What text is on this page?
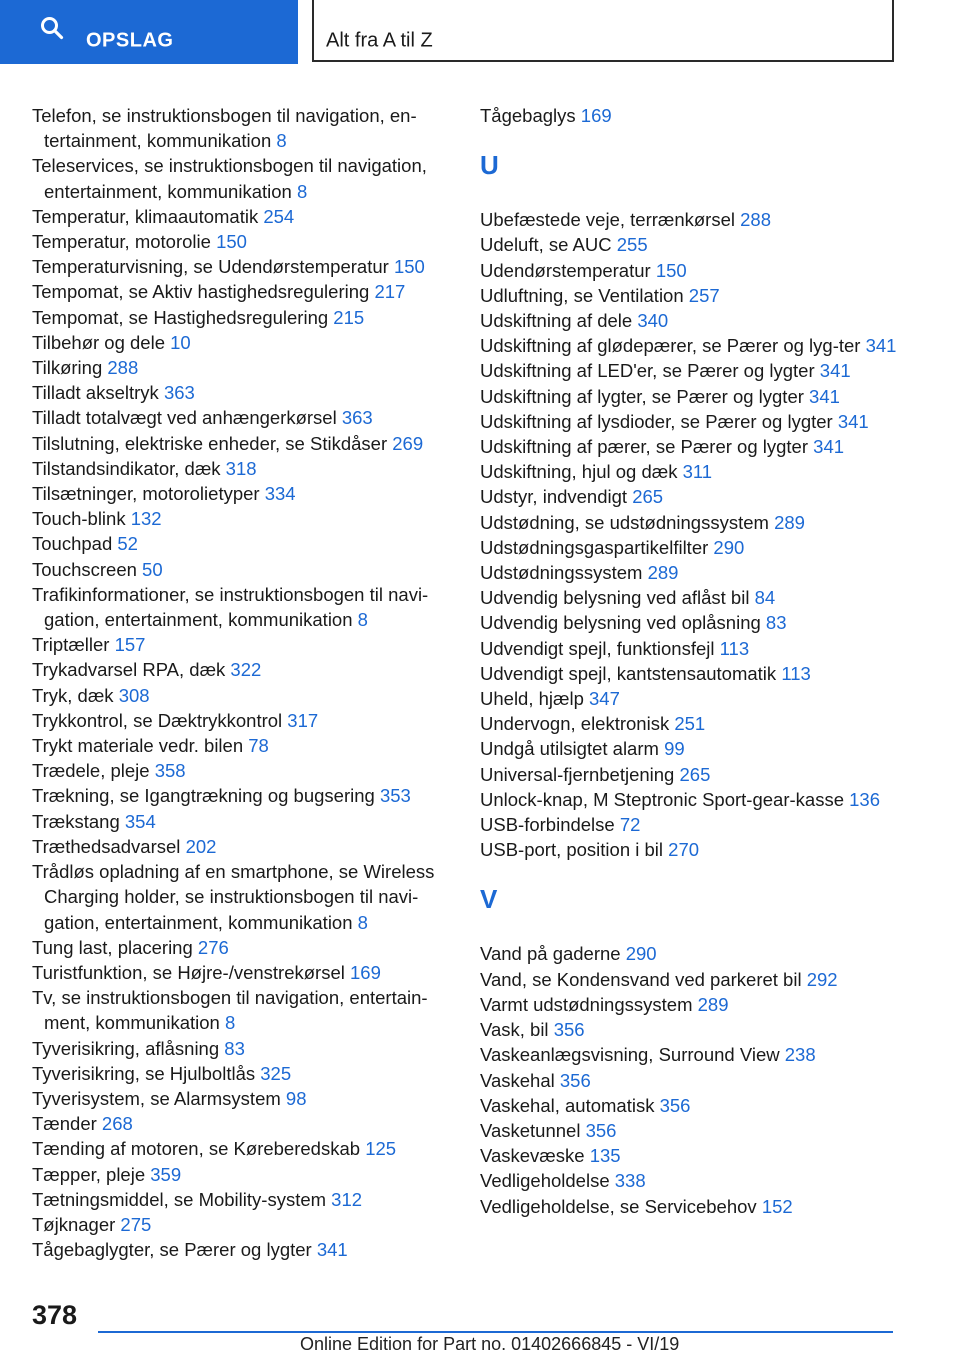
OPSLAG	Alt fra A til Z
Telefon, se instruktionsbogen til navigation, en-tertainment, kommunikation 8
Teleservices, se instruktionsbogen til navigation, entertainment, kommunikation 8
Temperatur, klimaautomatik 254
Temperatur, motorolie 150
Temperaturvisning, se Udendørstemperatur 150
Tempomat, se Aktiv hastighedsregulering 217
Tempomat, se Hastighedsregulering 215
Tilbehør og dele 10
Tilkøring 288
Tilladt akseltryk 363
Tilladt totalvægt ved anhængerkørsel 363
Tilslutning, elektriske enheder, se Stikdåser 269
Tilstandsindikator, dæk 318
Tilsætninger, motorolietyper 334
Touch-blink 132
Touchpad 52
Touchscreen 50
Trafikinformationer, se instruktionsbogen til navi-gation, entertainment, kommunikation 8
Triptæller 157
Trykadvarsel RPA, dæk 322
Tryk, dæk 308
Trykkontrol, se Dæktrykkontrol 317
Trykt materiale vedr. bilen 78
Trædele, pleje 358
Trækning, se Igangtrækning og bugsering 353
Trækstang 354
Træthedsadvarsel 202
Trådløs opladning af en smartphone, se Wireless Charging holder, se instruktionsbogen til navi-gation, entertainment, kommunikation 8
Tung last, placering 276
Turistfunktion, se Højre-/venstrekørsel 169
Tv, se instruktionsbogen til navigation, entertain-ment, kommunikation 8
Tyverisikring, aflåsning 83
Tyverisikring, se Hjulboltlås 325
Tyverisystem, se Alarmsystem 98
Tænder 268
Tænding af motoren, se Køreberedskab 125
Tæpper, pleje 359
Tætningsmiddel, se Mobility-system 312
Tøjknager 275
Tågebaglygter, se Pærer og lygter 341
Tågebaglys 169
U
Ubefæstede veje, terrænkørsel 288
Udeluft, se AUC 255
Udendørstemperatur 150
Udluftning, se Ventilation 257
Udskiftning af dele 340
Udskiftning af glødepærer, se Pærer og lyg-ter 341
Udskiftning af LED'er, se Pærer og lygter 341
Udskiftning af lygter, se Pærer og lygter 341
Udskiftning af lysdioder, se Pærer og lygter 341
Udskiftning af pærer, se Pærer og lygter 341
Udskiftning, hjul og dæk 311
Udstyr, indvendigt 265
Udstødning, se udstødningssystem 289
Udstødningsgaspartikelfilter 290
Udstødningssystem 289
Udvendig belysning ved aflåst bil 84
Udvendig belysning ved oplåsning 83
Udvendigt spejl, funktionsfejl 113
Udvendigt spejl, kantstensautomatik 113
Uheld, hjælp 347
Undervogn, elektronisk 251
Undgå utilsigtet alarm 99
Universal-fjernbetjening 265
Unlock-knap, M Steptronic Sport-gear-kasse 136
USB-forbindelse 72
USB-port, position i bil 270
V
Vand på gaderne 290
Vand, se Kondensvand ved parkeret bil 292
Varmt udstødningssystem 289
Vask, bil 356
Vaskeanlægsvisning, Surround View 238
Vaskehal 356
Vaskehal, automatisk 356
Vasketunnel 356
Vaskevæske 135
Vedligeholdelse 338
Vedligeholdelse, se Servicebehov 152
378
Online Edition for Part no. 01402666845 - VI/19
